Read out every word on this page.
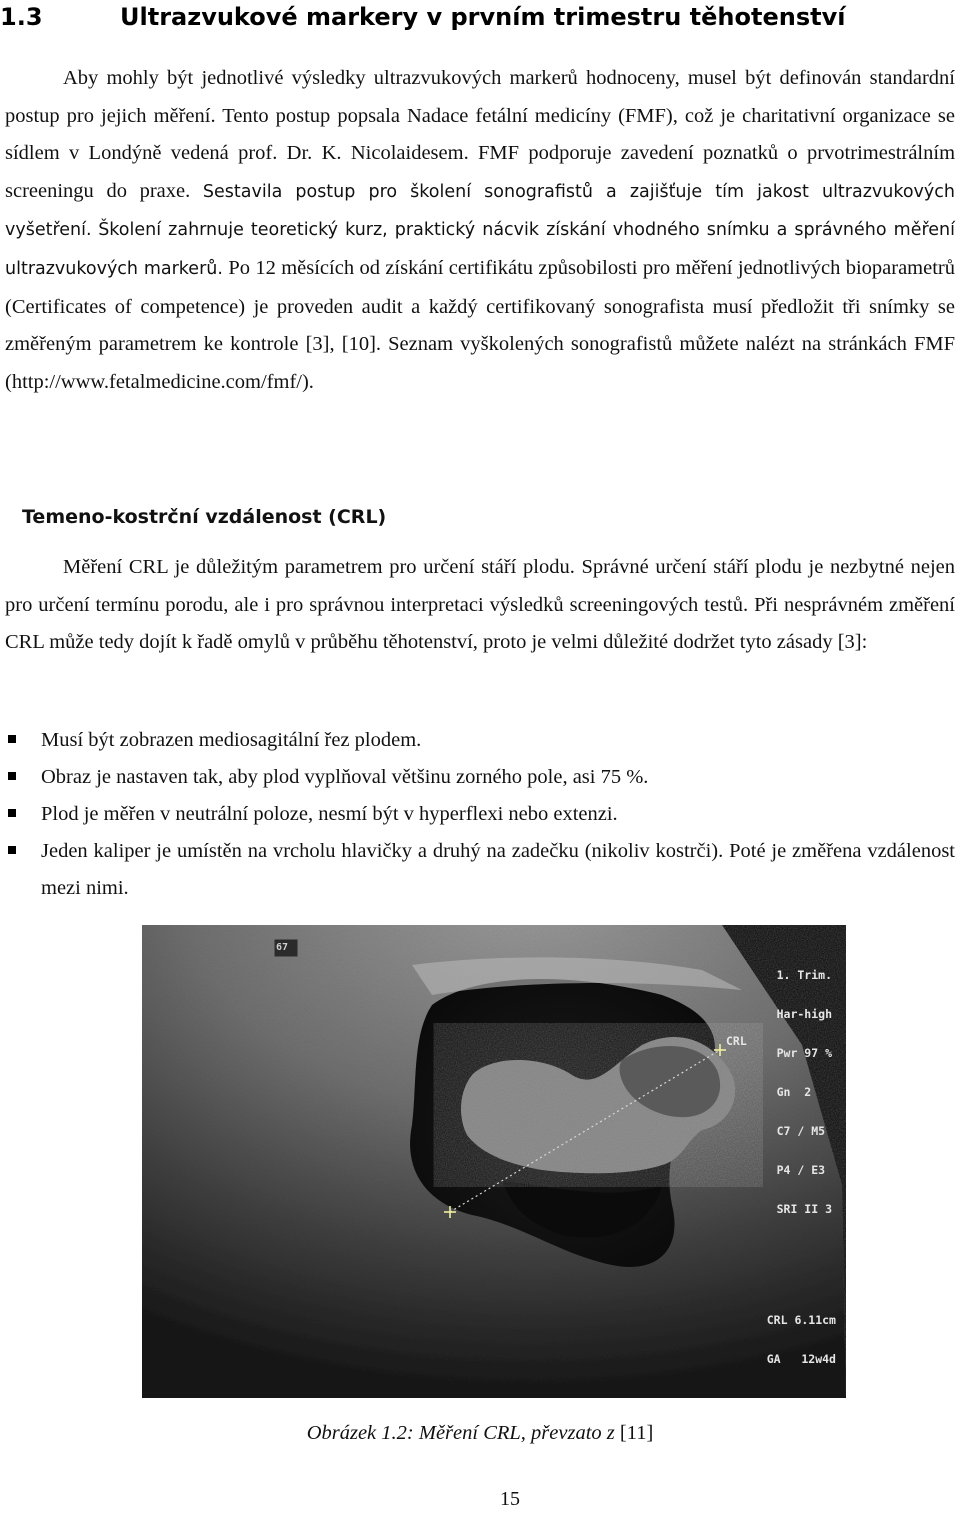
1.3	Ultrazvukové markery v prvním trimestru těhotenství

Aby mohly být jednotlivé výsledky ultrazvukových markerů hodnoceny, musel být definován standardní postup pro jejich měření. Tento postup popsala Nadace fetální medicíny (FMF), což je charitativní organizace se sídlem v Londýně vedená prof. Dr. K. Nicolaidesem. FMF podporuje zavedení poznatků o prvotrimestrálním screeningu do praxe. Sestavila postup pro školení sonografistů a zajišťuje tím jakost ultrazvukových vyšetření. Školení zahrnuje teoretický kurz, praktický nácvik získání vhodného snímku a správného měření ultrazvukových markerů. Po 12 měsících od získání certifikátu způsobilosti pro měření jednotlivých bioparametrů (Certificates of competence) je proveden audit a každý certifikovaný sonografista musí předložit tři snímky se změřeným parametrem ke kontrole [3], [10]. Seznam vyškolených sonografistů můžete nalézt na stránkách FMF (http://www.fetalmedicine.com/fmf/).

Temeno-kostrční vzdálenost (CRL)

Měření CRL je důležitým parametrem pro určení stáří plodu. Správné určení stáří plodu je nezbytné nejen pro určení termínu porodu, ale i pro správnou interpretaci výsledků screeningových testů. Při nesprávném změření CRL může tedy dojít k řadě omylů v průběhu těhotenství, proto je velmi důležité dodržet tyto zásady [3]:

Musí být zobrazen mediosagitální řez plodem.
Obraz je nastaven tak, aby plod vyplňoval většinu zorného pole, asi 75 %.
Plod je měřen v neutrální poloze, nesmí být v hyperflexi nebo extenzi.
Jeden kaliper je umístěn na vrcholu hlavičky a druhý na zadečku (nikoliv kostrči). Poté je změřena vzdálenost mezi nimi.
67

1. Trim.

Har-high

Pwr 97 %

Gn  2

C7 / M5

P4 / E3

SRI II 3

CRL

CRL 6.11cm

GA   12w4d

Obrázek 1.2: Měření CRL, převzato z [11]
15
